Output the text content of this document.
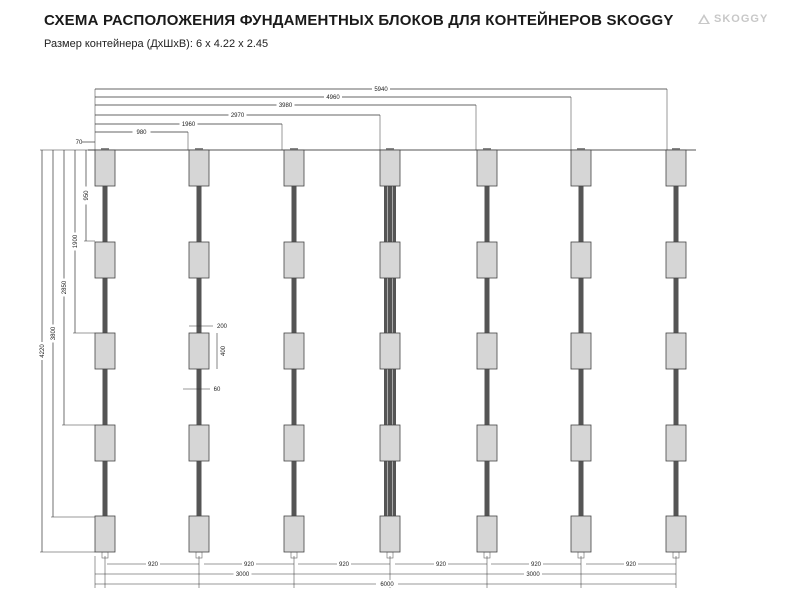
СХЕМА РАСПОЛОЖЕНИЯ ФУНДАМЕНТНЫХ БЛОКОВ ДЛЯ КОНТЕЙНЕРОВ SKOGGY
Размер контейнера (ДхШхВ): 6 х 4.22 х 2.45
SKOGGY
5940
4960
3980
2970
1960
980
70
4220
3800
2850
1900
950
200
400
60
920	920	920	920	920	920
3000	3000
6000
